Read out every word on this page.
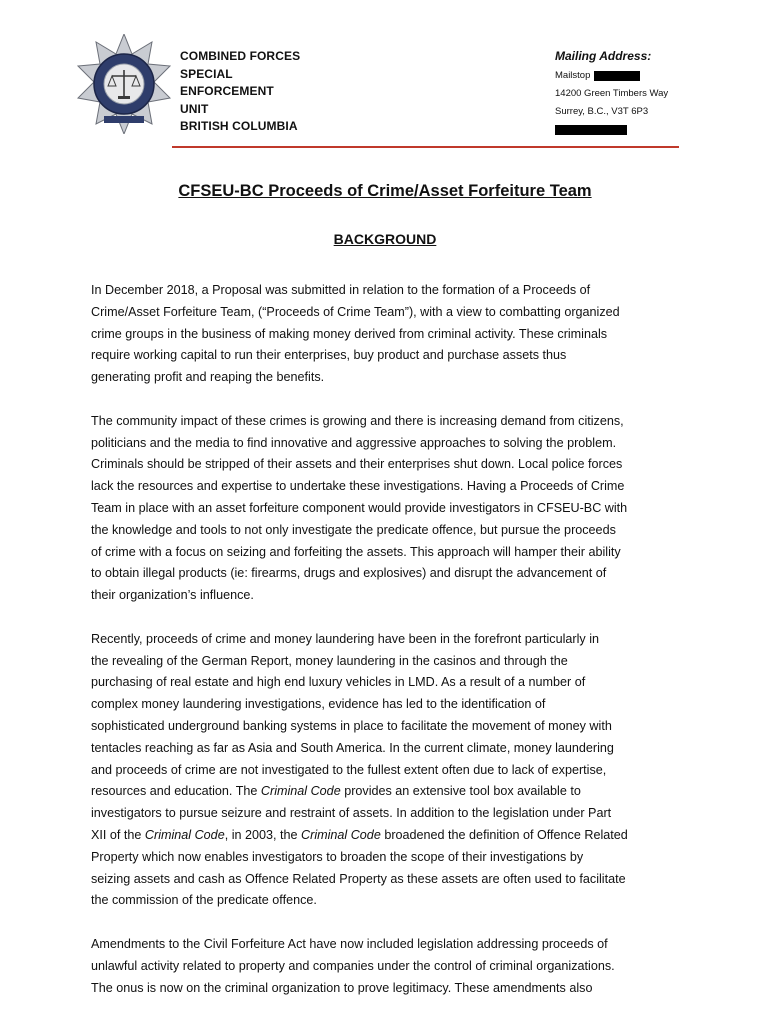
COMBINED FORCES
SPECIAL
ENFORCEMENT
UNIT
BRITISH COLUMBIA
Mailing Address:
Mailstop
14200 Green Timbers Way
Surrey, B.C., V3T 6P3
CFSEU-BC Proceeds of Crime/Asset Forfeiture Team
BACKGROUND
In December 2018, a Proposal was submitted in relation to the formation of a Proceeds of
Crime/Asset Forfeiture Team, (“Proceeds of Crime Team”), with a view to combatting organized
crime groups in the business of making money derived from criminal activity. These criminals
require working capital to run their enterprises, buy product and purchase assets thus
generating profit and reaping the benefits.
The community impact of these crimes is growing and there is increasing demand from citizens,
politicians and the media to find innovative and aggressive approaches to solving the problem.
Criminals should be stripped of their assets and their enterprises shut down. Local police forces
lack the resources and expertise to undertake these investigations. Having a Proceeds of Crime
Team in place with an asset forfeiture component would provide investigators in CFSEU-BC with
the knowledge and tools to not only investigate the predicate offence, but pursue the proceeds
of crime with a focus on seizing and forfeiting the assets. This approach will hamper their ability
to obtain illegal products (ie: firearms, drugs and explosives) and disrupt the advancement of
their organization’s influence.
Recently, proceeds of crime and money laundering have been in the forefront particularly in
the revealing of the German Report, money laundering in the casinos and through the
purchasing of real estate and high end luxury vehicles in LMD. As a result of a number of
complex money laundering investigations, evidence has led to the identification of
sophisticated underground banking systems in place to facilitate the movement of money with
tentacles reaching as far as Asia and South America. In the current climate, money laundering
and proceeds of crime are not investigated to the fullest extent often due to lack of expertise,
resources and education. The Criminal Code provides an extensive tool box available to
investigators to pursue seizure and restraint of assets. In addition to the legislation under Part
XII of the Criminal Code, in 2003, the Criminal Code broadened the definition of Offence Related
Property which now enables investigators to broaden the scope of their investigations by
seizing assets and cash as Offence Related Property as these assets are often used to facilitate
the commission of the predicate offence.
Amendments to the Civil Forfeiture Act have now included legislation addressing proceeds of
unlawful activity related to property and companies under the control of criminal organizations.
The onus is now on the criminal organization to prove legitimacy. These amendments also
